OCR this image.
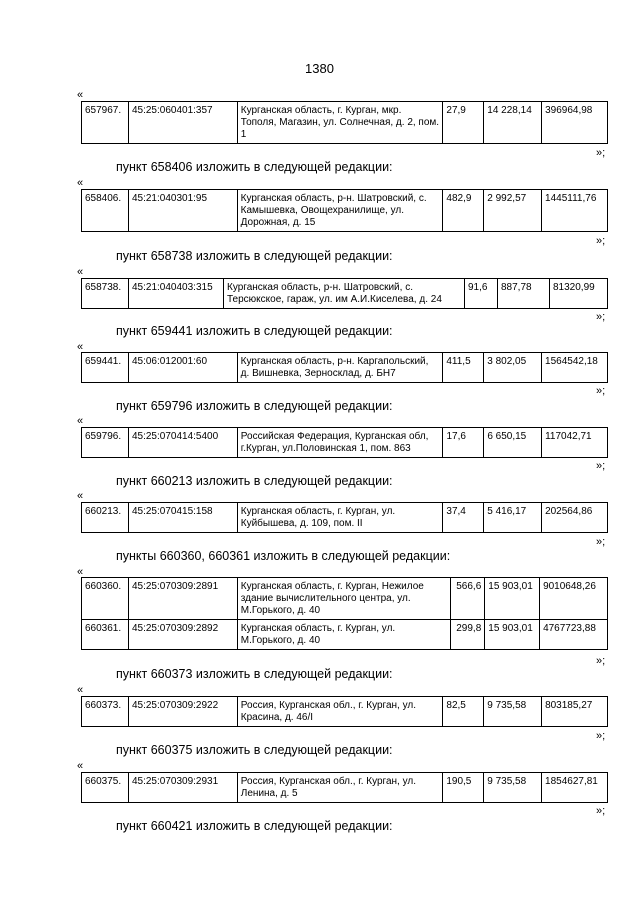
1380
«
657967.	45:25:060401:357	Курганская область, г. Курган, мкр. Тополя, Магазин, ул. Солнечная, д. 2, пом. 1	27,9	14 228,14	396964,98
»;
пункт 658406 изложить в следующей редакции:
«
658406.	45:21:040301:95	Курганская область, р-н. Шатровский, с. Камышевка, Овощехранилище, ул. Дорожная, д. 15	482,9	2 992,57	1445111,76
»;
пункт 658738 изложить в следующей редакции:
«
658738.	45:21:040403:315	Курганская область, р-н. Шатровский, с. Терсюкское, гараж, ул. им А.И.Киселева, д. 24	91,6	887,78	81320,99
»;
пункт 659441 изложить в следующей редакции:
«
659441.	45:06:012001:60	Курганская область, р-н. Каргапольский, д. Вишневка, Зерносклад, д. БН7	411,5	3 802,05	1564542,18
»;
пункт 659796 изложить в следующей редакции:
«
659796.	45:25:070414:5400	Российская Федерация, Курганская обл, г.Курган, ул.Половинская 1, пом. 863	17,6	6 650,15	117042,71
»;
пункт 660213 изложить в следующей редакции:
«
660213.	45:25:070415:158	Курганская область, г. Курган, ул. Куйбышева, д. 109, пом. II	37,4	5 416,17	202564,86
»;
пункты 660360, 660361 изложить в следующей редакции:
«
660360.	45:25:070309:2891	Курганская область, г. Курган, Нежилое здание вычислительного центра, ул. М.Горького, д. 40	566,6	15 903,01	9010648,26
660361.	45:25:070309:2892	Курганская область, г. Курган, ул. М.Горького, д. 40	299,8	15 903,01	4767723,88
»;
пункт 660373 изложить в следующей редакции:
«
660373.	45:25:070309:2922	Россия, Курганская обл., г. Курган, ул. Красина, д. 46/I	82,5	9 735,58	803185,27
»;
пункт 660375 изложить в следующей редакции:
«
660375.	45:25:070309:2931	Россия, Курганская обл., г. Курган, ул. Ленина, д. 5	190,5	9 735,58	1854627,81
»;
пункт 660421 изложить в следующей редакции:
